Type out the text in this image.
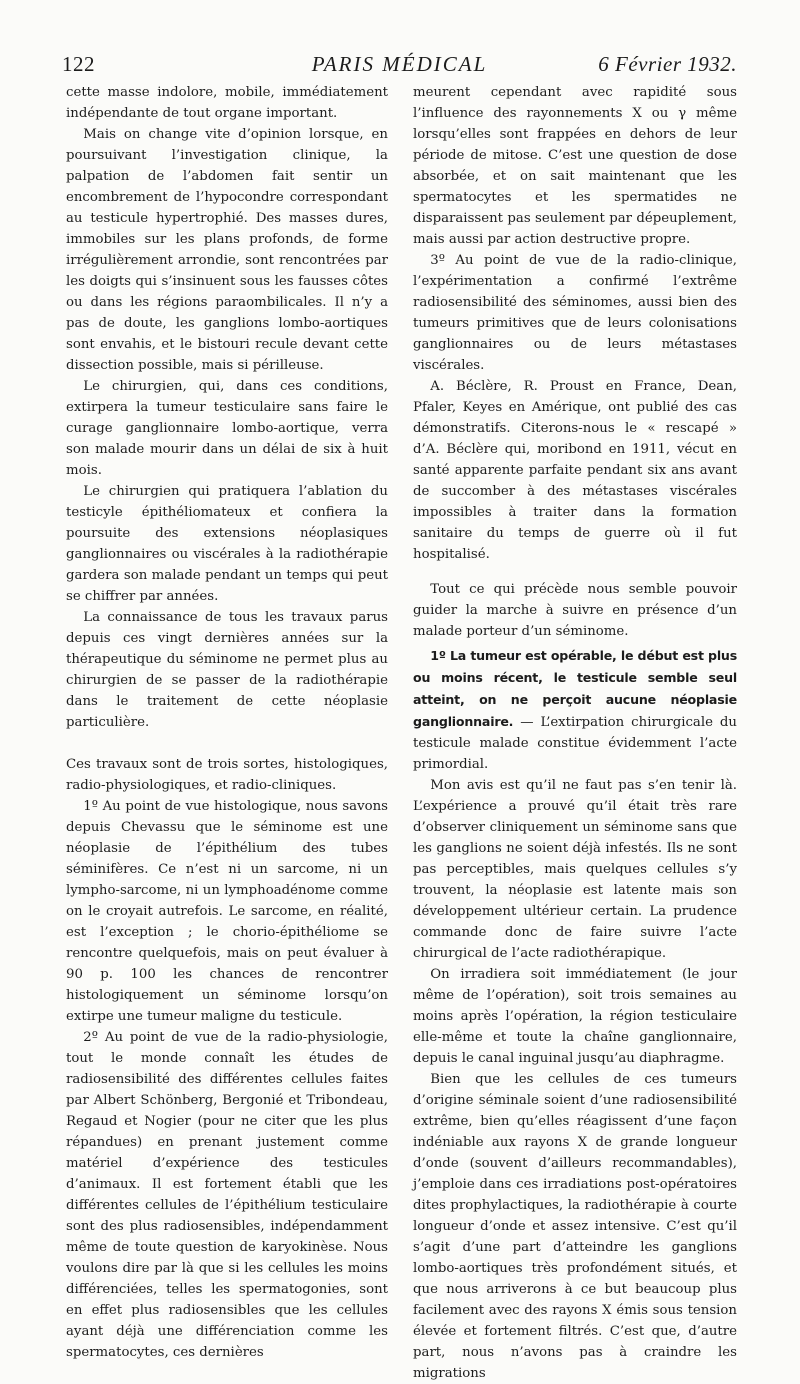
122	PARIS MÉDICAL	6 Février 1932.

cette masse indolore, mobile, immédiatement indépendante de tout organe important.

Mais on change vite d’opinion lorsque, en poursuivant l’investigation clinique, la palpation de l’abdomen fait sentir un encombrement de l’hypocondre correspondant au testicule hypertrophié. Des masses dures, immobiles sur les plans profonds, de forme irrégulièrement arrondie, sont rencontrées par les doigts qui s’insinuent sous les fausses côtes ou dans les régions paraombilicales. Il n’y a pas de doute, les ganglions lombo-aortiques sont envahis, et le bistouri recule devant cette dissection possible, mais si périlleuse.

Le chirurgien, qui, dans ces conditions, extirpera la tumeur testiculaire sans faire le curage ganglionnaire lombo-aortique, verra son malade mourir dans un délai de six à huit mois.

Le chirurgien qui pratiquera l’ablation du testicyle épithéliomateux et confiera la poursuite des extensions néoplasiques ganglionnaires ou viscérales à la radiothérapie gardera son malade pendant un temps qui peut se chiffrer par années.

La connaissance de tous les travaux parus depuis ces vingt dernières années sur la thérapeutique du séminome ne permet plus au chirurgien de se passer de la radiothérapie dans le traitement de cette néoplasie particulière.

Ces travaux sont de trois sortes, histologiques, radio-physiologiques, et radio-cliniques.

1º Au point de vue histologique, nous savons depuis Chevassu que le séminome est une néoplasie de l’épithélium des tubes séminifères. Ce n’est ni un sarcome, ni un lympho-sarcome, ni un lymphoadénome comme on le croyait autrefois. Le sarcome, en réalité, est l’exception ; le chorio-épithéliome se rencontre quelquefois, mais on peut évaluer à 90 p. 100 les chances de rencontrer histologiquement un séminome lorsqu’on extirpe une tumeur maligne du testicule.

2º Au point de vue de la radio-physiologie, tout le monde connaît les études de radiosensibilité des différentes cellules faites par Albert Schönberg, Bergonié et Tribondeau, Regaud et Nogier (pour ne citer que les plus répandues) en prenant justement comme matériel d’expérience des testicules d’animaux. Il est fortement établi que les différentes cellules de l’épithélium testiculaire sont des plus radiosensibles, indépendamment même de toute question de karyokinèse. Nous voulons dire par là que si les cellules les moins différenciées, telles les spermatogonies, sont en effet plus radiosensibles que les cellules ayant déjà une différenciation comme les spermatocytes, ces dernières

meurent cependant avec rapidité sous l’influence des rayonnements X ou γ même lorsqu’elles sont frappées en dehors de leur période de mitose. C’est une question de dose absorbée, et on sait maintenant que les spermatocytes et les spermatides ne disparaissent pas seulement par dépeuplement, mais aussi par action destructive propre.

3º Au point de vue de la radio-clinique, l’expérimentation a confirmé l’extrême radiosensibilité des séminomes, aussi bien des tumeurs primitives que de leurs colonisations ganglionnaires ou de leurs métastases viscérales.

A. Béclère, R. Proust en France, Dean, Pfaler, Keyes en Amérique, ont publié des cas démonstratifs. Citerons-nous le « rescapé » d’A. Béclère qui, moribond en 1911, vécut en santé apparente parfaite pendant six ans avant de succomber à des métastases viscérales impossibles à traiter dans la formation sanitaire du temps de guerre où il fut hospitalisé.

Tout ce qui précède nous semble pouvoir guider la marche à suivre en présence d’un malade porteur d’un séminome.

1º La tumeur est opérable, le début est plus ou moins récent, le testicule semble seul atteint, on ne perçoit aucune néoplasie ganglionnaire. — L’extirpation chirurgicale du testicule malade constitue évidemment l’acte primordial.

Mon avis est qu’il ne faut pas s’en tenir là. L’expérience a prouvé qu’il était très rare d’observer cliniquement un séminome sans que les ganglions ne soient déjà infestés. Ils ne sont pas perceptibles, mais quelques cellules s’y trouvent, la néoplasie est latente mais son développement ultérieur certain. La prudence commande donc de faire suivre l’acte chirurgical de l’acte radiothérapique.

On irradiera soit immédiatement (le jour même de l’opération), soit trois semaines au moins après l’opération, la région testiculaire elle-même et toute la chaîne ganglionnaire, depuis le canal inguinal jusqu’au diaphragme.

Bien que les cellules de ces tumeurs d’origine séminale soient d’une radiosensibilité extrême, bien qu’elles réagissent d’une façon indéniable aux rayons X de grande longueur d’onde (souvent d’ailleurs recommandables), j’emploie dans ces irradiations post-opératoires dites prophylactiques, la radiothérapie à courte longueur d’onde et assez intensive. C’est qu’il s’agit d’une part d’atteindre les ganglions lombo-aortiques très profondément situés, et que nous arriverons à ce but beaucoup plus facilement avec des rayons X émis sous tension élevée et fortement filtrés. C’est que, d’autre part, nous n’avons pas à craindre les migrations
